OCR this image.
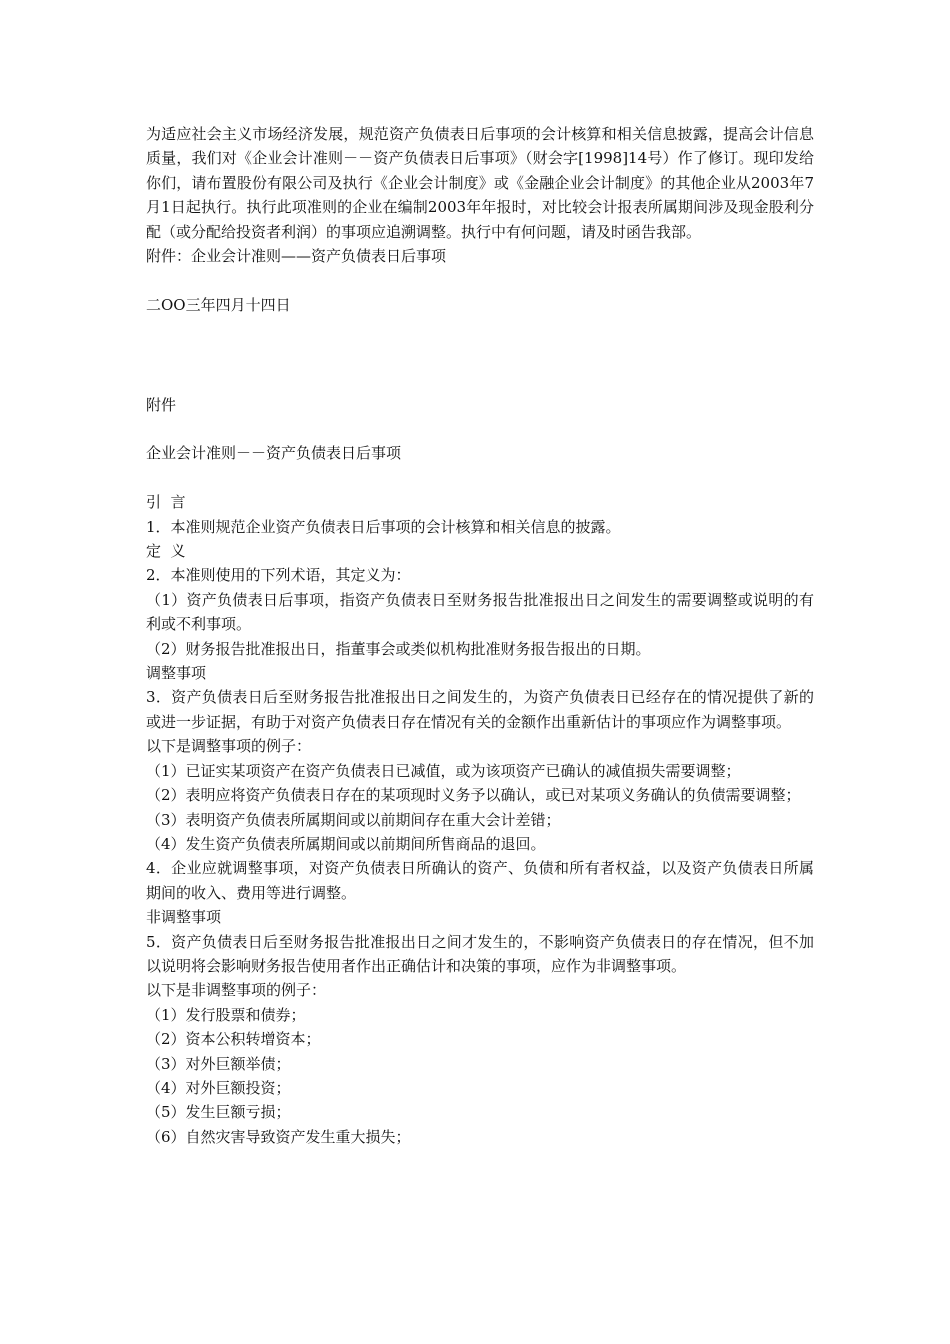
为适应社会主义市场经济发展，规范资产负债表日后事项的会计核算和相关信息披露，提高会计信息质量，我们对《企业会计准则－－资产负债表日后事项》（财会字[1998]14号）作了修订。现印发给你们，请布置股份有限公司及执行《企业会计制度》或《金融企业会计制度》的其他企业从2003年7月1日起执行。执行此项准则的企业在编制2003年年报时，对比较会计报表所属期间涉及现金股利分配（或分配给投资者利润）的事项应追溯调整。执行中有何问题，请及时函告我部。

附件：企业会计准则——资产负债表日后事项

二OO三年四月十四日

附件

企业会计准则－－资产负债表日后事项

引  言

1．本准则规范企业资产负债表日后事项的会计核算和相关信息的披露。

定  义

2．本准则使用的下列术语，其定义为：

（1）资产负债表日后事项，指资产负债表日至财务报告批准报出日之间发生的需要调整或说明的有利或不利事项。

（2）财务报告批准报出日，指董事会或类似机构批准财务报告报出的日期。

调整事项

3．资产负债表日后至财务报告批准报出日之间发生的，为资产负债表日已经存在的情况提供了新的或进一步证据，有助于对资产负债表日存在情况有关的金额作出重新估计的事项应作为调整事项。

以下是调整事项的例子：

（1）已证实某项资产在资产负债表日已减值，或为该项资产已确认的减值损失需要调整；

（2）表明应将资产负债表日存在的某项现时义务予以确认，或已对某项义务确认的负债需要调整；

（3）表明资产负债表所属期间或以前期间存在重大会计差错；

（4）发生资产负债表所属期间或以前期间所售商品的退回。

4．企业应就调整事项，对资产负债表日所确认的资产、负债和所有者权益，以及资产负债表日所属期间的收入、费用等进行调整。

非调整事项

5．资产负债表日后至财务报告批准报出日之间才发生的，不影响资产负债表日的存在情况，但不加以说明将会影响财务报告使用者作出正确估计和决策的事项，应作为非调整事项。

以下是非调整事项的例子：

（1）发行股票和债券；

（2）资本公积转增资本；

（3）对外巨额举债；

（4）对外巨额投资；

（5）发生巨额亏损；

（6）自然灾害导致资产发生重大损失；
